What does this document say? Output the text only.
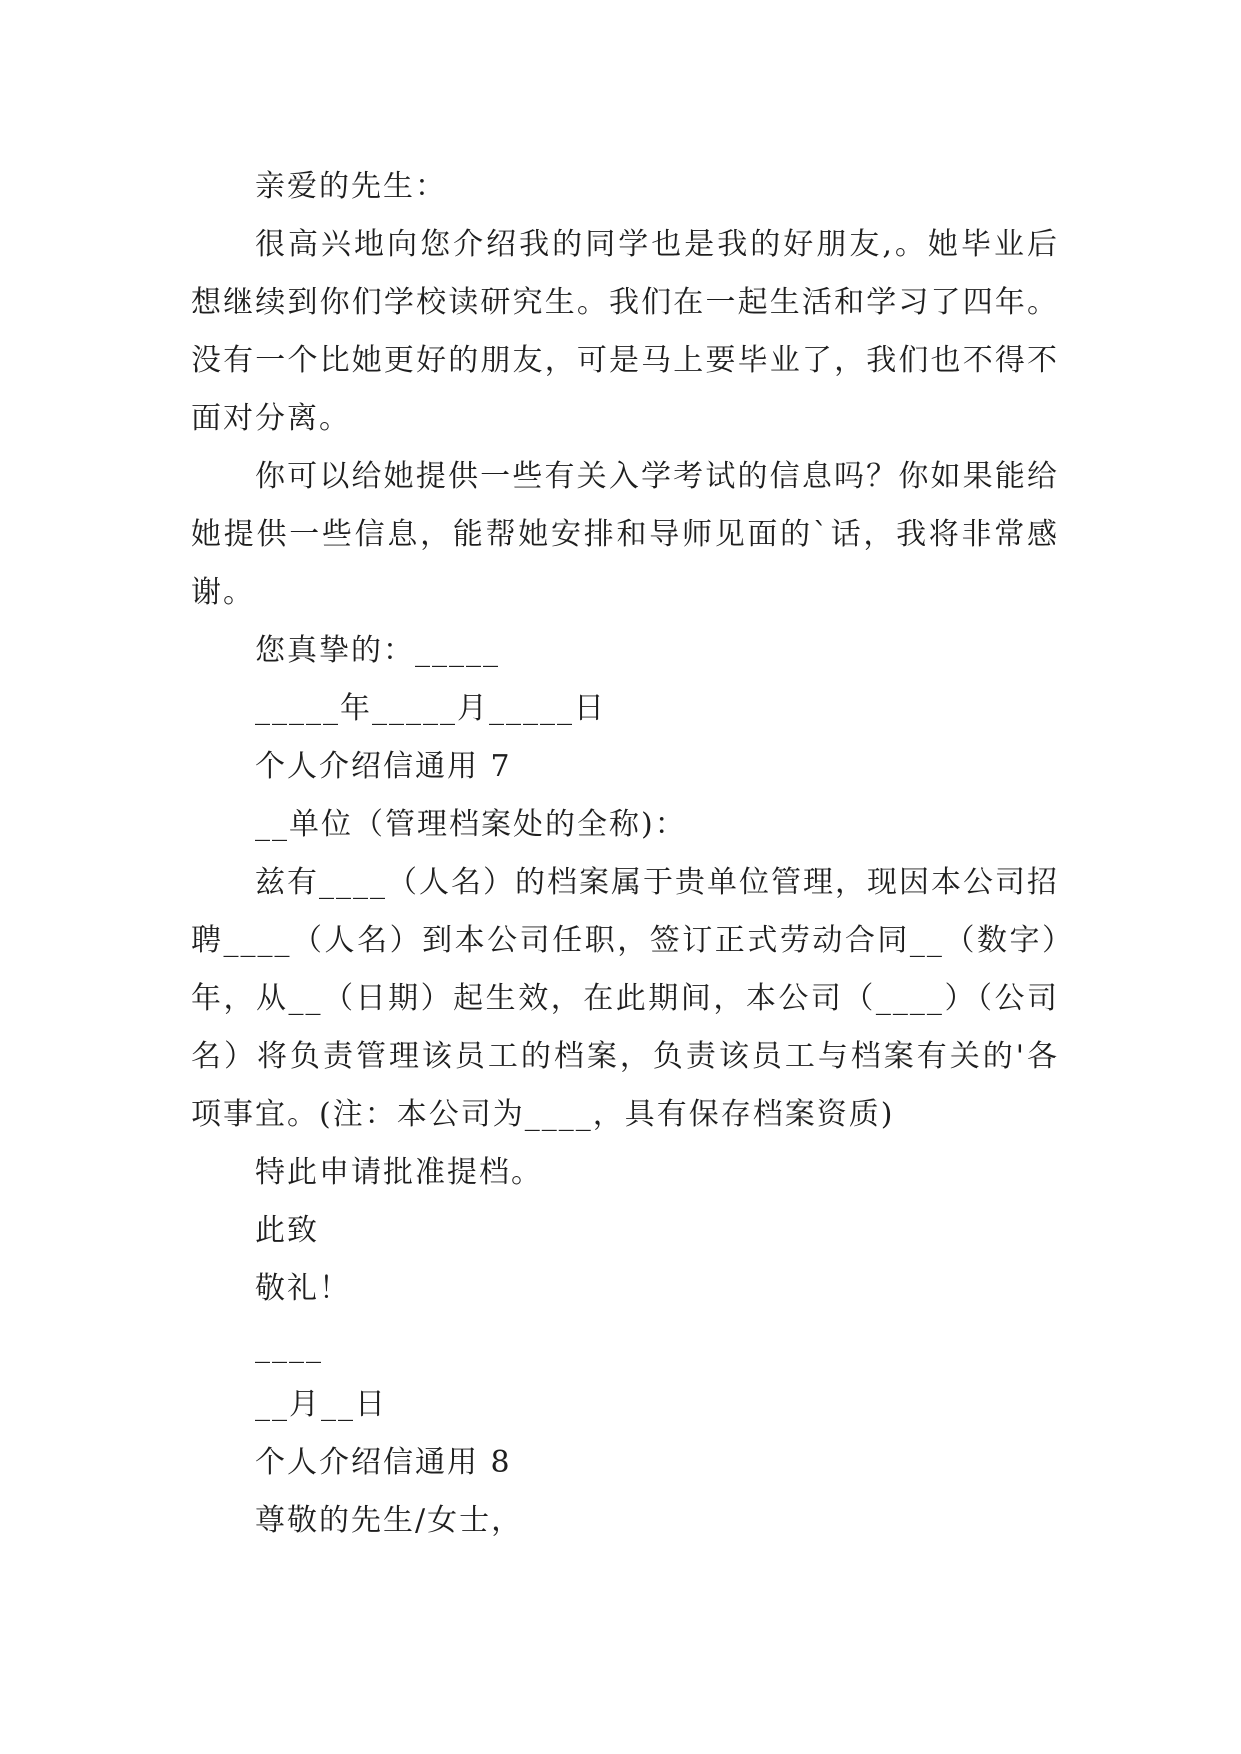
亲爱的先生：

很高兴地向您介绍我的同学也是我的好朋友,。她毕业后想继续到你们学校读研究生。我们在一起生活和学习了四年。没有一个比她更好的朋友，可是马上要毕业了，我们也不得不面对分离。

你可以给她提供一些有关入学考试的信息吗？你如果能给她提供一些信息，能帮她安排和导师见面的`话，我将非常感谢。

您真挚的：_____

_____年_____月_____日

个人介绍信通用 7

__单位（管理档案处的全称)：

兹有____（人名）的档案属于贵单位管理，现因本公司招聘____（人名）到本公司任职，签订正式劳动合同__（数字）年，从__（日期）起生效，在此期间，本公司（____）（公司名）将负责管理该员工的档案，负责该员工与档案有关的'各项事宜。(注：本公司为____，具有保存档案资质)

特此申请批准提档。

此致

敬礼！

____

__月__日

个人介绍信通用 8

尊敬的先生/女士，
